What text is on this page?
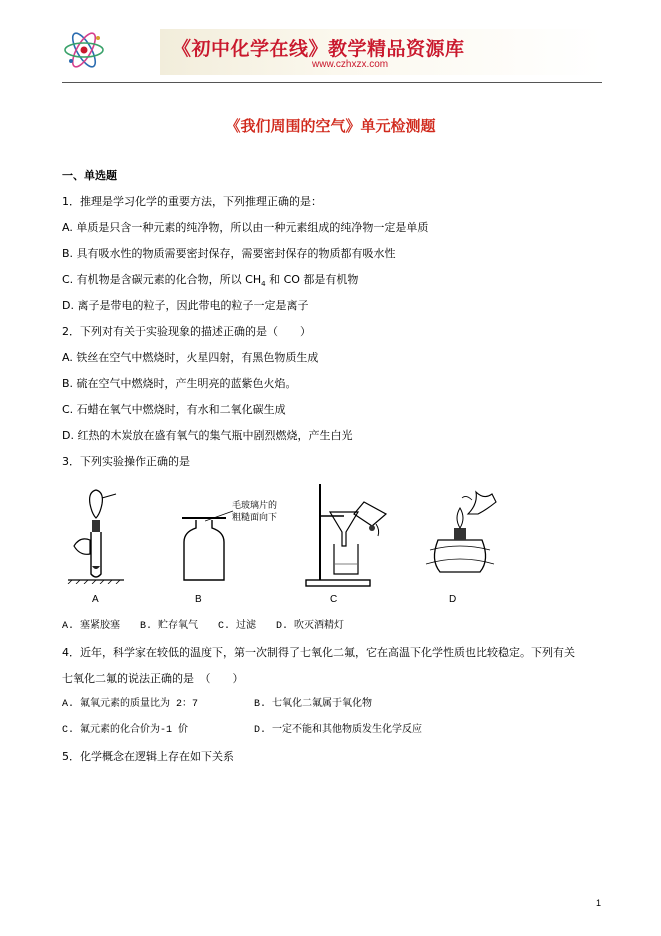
《初中化学在线》教学精品资源库
www.czhxzx.com
《我们周围的空气》单元检测题
一、单选题
1．推理是学习化学的重要方法，下列推理正确的是：
A. 单质是只含一种元素的纯净物，所以由一种元素组成的纯净物一定是单质
B. 具有吸水性的物质需要密封保存，需要密封保存的物质都有吸水性
C. 有机物是含碳元素的化合物，所以 $CH_4$ 和 CO 都是有机物
D. 离子是带电的粒子，因此带电的粒子一定是离子
2．下列对有关于实验现象的描述正确的是（　　）
A. 铁丝在空气中燃烧时，火星四射，有黑色物质生成
B. 硫在空气中燃烧时，产生明亮的蓝紫色火焰。
C. 石蜡在氧气中燃烧时，有水和二氧化碳生成
D. 红热的木炭放在盛有氧气的集气瓶中剧烈燃烧，产生白光
3．下列实验操作正确的是
A
毛玻璃片的
粗糙面向下
B	C	D
A. 塞紧胶塞　　B. 贮存氧气　　C. 过滤　　D. 吹灭酒精灯
4．近年，科学家在较低的温度下，第一次制得了七氧化二氟，它在高温下化学性质也比较稳定。下列有关
七氧化二氟的说法正确的是　（　　）
A. 氟氧元素的质量比为 2：7	B. 七氧化二氟属于氧化物
C. 氟元素的化合价为-1 价	D. 一定不能和其他物质发生化学反应
5．化学概念在逻辑上存在如下关系
1
